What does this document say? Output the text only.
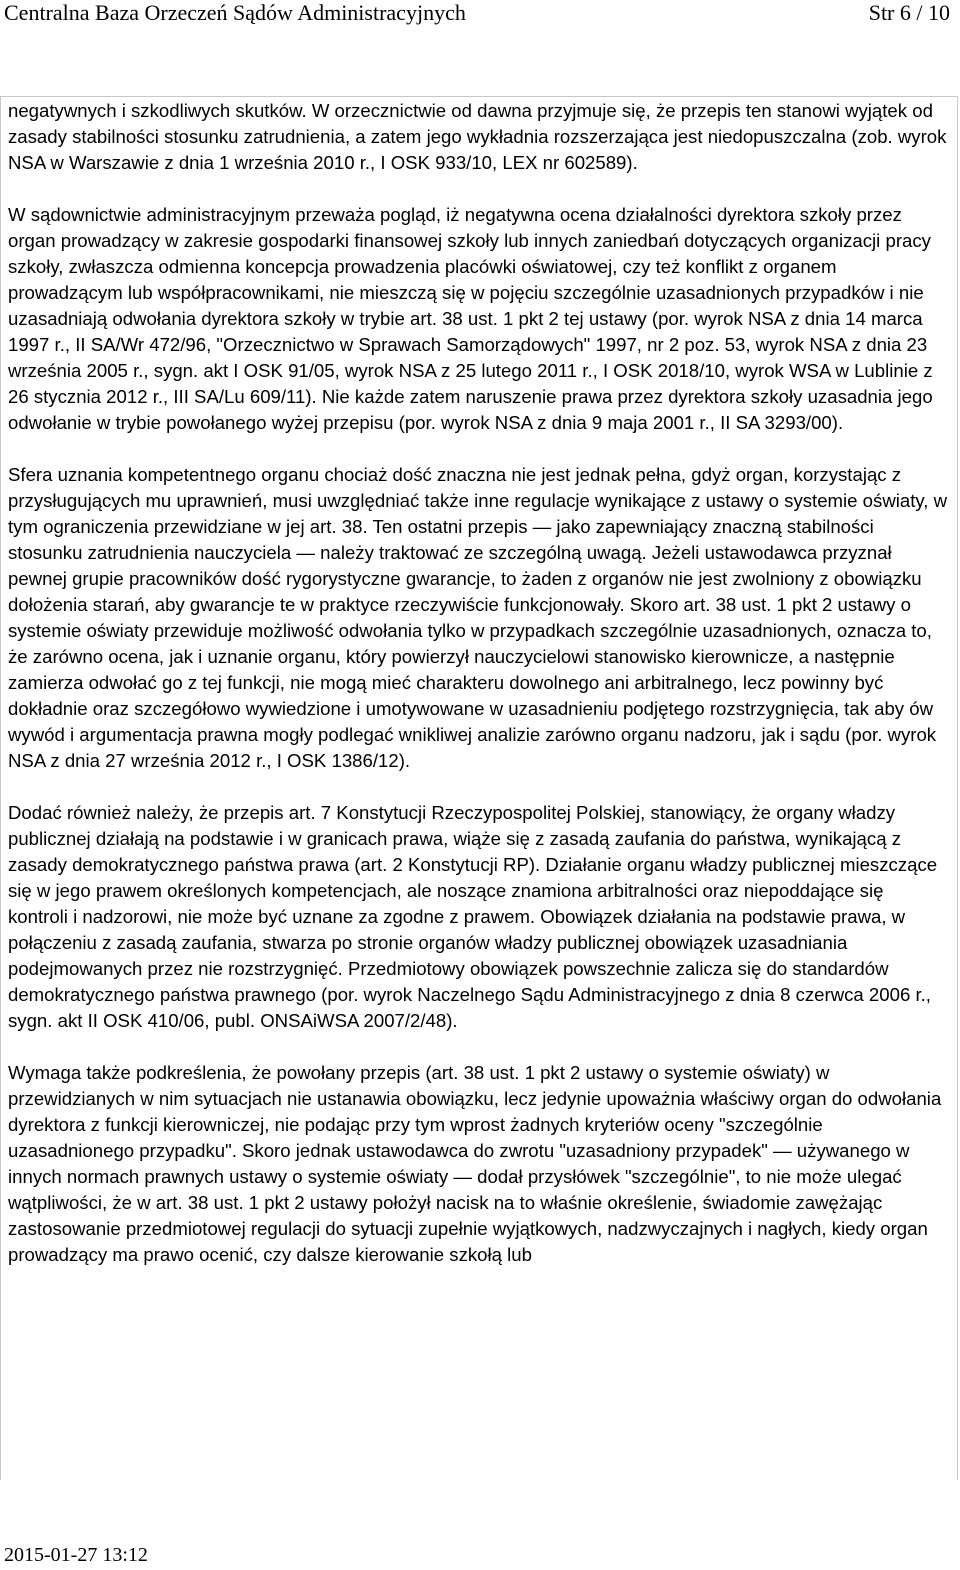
Centralna Baza Orzeczeń Sądów Administracyjnych	Str 6 / 10

negatywnych i szkodliwych skutków. W orzecznictwie od dawna przyjmuje się, że przepis ten stanowi wyjątek od zasady stabilności stosunku zatrudnienia, a zatem jego wykładnia rozszerzająca jest niedopuszczalna (zob. wyrok NSA w Warszawie z dnia 1 września 2010 r., I OSK 933/10, LEX nr 602589).

W sądownictwie administracyjnym przeważa pogląd, iż negatywna ocena działalności dyrektora szkoły przez organ prowadzący w zakresie gospodarki finansowej szkoły lub innych zaniedbań dotyczących organizacji pracy szkoły, zwłaszcza odmienna koncepcja prowadzenia placówki oświatowej, czy też konflikt z organem prowadzącym lub współpracownikami, nie mieszczą się w pojęciu szczególnie uzasadnionych przypadków i nie uzasadniają odwołania dyrektora szkoły w trybie art. 38 ust. 1 pkt 2 tej ustawy (por. wyrok NSA z dnia 14 marca 1997 r., II SA/Wr 472/96, "Orzecznictwo w Sprawach Samorządowych" 1997, nr 2 poz. 53, wyrok NSA z dnia 23 września 2005 r., sygn. akt I OSK 91/05, wyrok NSA z 25 lutego 2011 r., I OSK 2018/10, wyrok WSA w Lublinie z 26 stycznia 2012 r., III SA/Lu 609/11). Nie każde zatem naruszenie prawa przez dyrektora szkoły uzasadnia jego odwołanie w trybie powołanego wyżej przepisu (por. wyrok NSA z dnia 9 maja 2001 r., II SA 3293/00).

Sfera uznania kompetentnego organu chociaż dość znaczna nie jest jednak pełna, gdyż organ, korzystając z przysługujących mu uprawnień, musi uwzględniać także inne regulacje wynikające z ustawy o systemie oświaty, w tym ograniczenia przewidziane w jej art. 38. Ten ostatni przepis — jako zapewniający znaczną stabilności stosunku zatrudnienia nauczyciela — należy traktować ze szczególną uwagą. Jeżeli ustawodawca przyznał pewnej grupie pracowników dość rygorystyczne gwarancje, to żaden z organów nie jest zwolniony z obowiązku dołożenia starań, aby gwarancje te w praktyce rzeczywiście funkcjonowały. Skoro art. 38 ust. 1 pkt 2 ustawy o systemie oświaty przewiduje możliwość odwołania tylko w przypadkach szczególnie uzasadnionych, oznacza to, że zarówno ocena, jak i uznanie organu, który powierzył nauczycielowi stanowisko kierownicze, a następnie zamierza odwołać go z tej funkcji, nie mogą mieć charakteru dowolnego ani arbitralnego, lecz powinny być dokładnie oraz szczegółowo wywiedzione i umotywowane w uzasadnieniu podjętego rozstrzygnięcia, tak aby ów wywód i argumentacja prawna mogły podlegać wnikliwej analizie zarówno organu nadzoru, jak i sądu (por. wyrok NSA z dnia 27 września 2012 r., I OSK 1386/12).

Dodać również należy, że przepis art. 7 Konstytucji Rzeczypospolitej Polskiej, stanowiący, że organy władzy publicznej działają na podstawie i w granicach prawa, wiąże się z zasadą zaufania do państwa, wynikającą z zasady demokratycznego państwa prawa (art. 2 Konstytucji RP). Działanie organu władzy publicznej mieszczące się w jego prawem określonych kompetencjach, ale noszące znamiona arbitralności oraz niepoddające się kontroli i nadzorowi, nie może być uznane za zgodne z prawem. Obowiązek działania na podstawie prawa, w połączeniu z zasadą zaufania, stwarza po stronie organów władzy publicznej obowiązek uzasadniania podejmowanych przez nie rozstrzygnięć. Przedmiotowy obowiązek powszechnie zalicza się do standardów demokratycznego państwa prawnego (por. wyrok Naczelnego Sądu Administracyjnego z dnia 8 czerwca 2006 r., sygn. akt II OSK 410/06, publ. ONSAiWSA 2007/2/48).

Wymaga także podkreślenia, że powołany przepis (art. 38 ust. 1 pkt 2 ustawy o systemie oświaty) w przewidzianych w nim sytuacjach nie ustanawia obowiązku, lecz jedynie upoważnia właściwy organ do odwołania dyrektora z funkcji kierowniczej, nie podając przy tym wprost żadnych kryteriów oceny "szczególnie uzasadnionego przypadku". Skoro jednak ustawodawca do zwrotu "uzasadniony przypadek" — używanego w innych normach prawnych ustawy o systemie oświaty — dodał przysłówek "szczególnie", to nie może ulegać wątpliwości, że w art. 38 ust. 1 pkt 2 ustawy położył nacisk na to właśnie określenie, świadomie zawężając zastosowanie przedmiotowej regulacji do sytuacji zupełnie wyjątkowych, nadzwyczajnych i nagłych, kiedy organ prowadzący ma prawo ocenić, czy dalsze kierowanie szkołą lub

2015-01-27 13:12
